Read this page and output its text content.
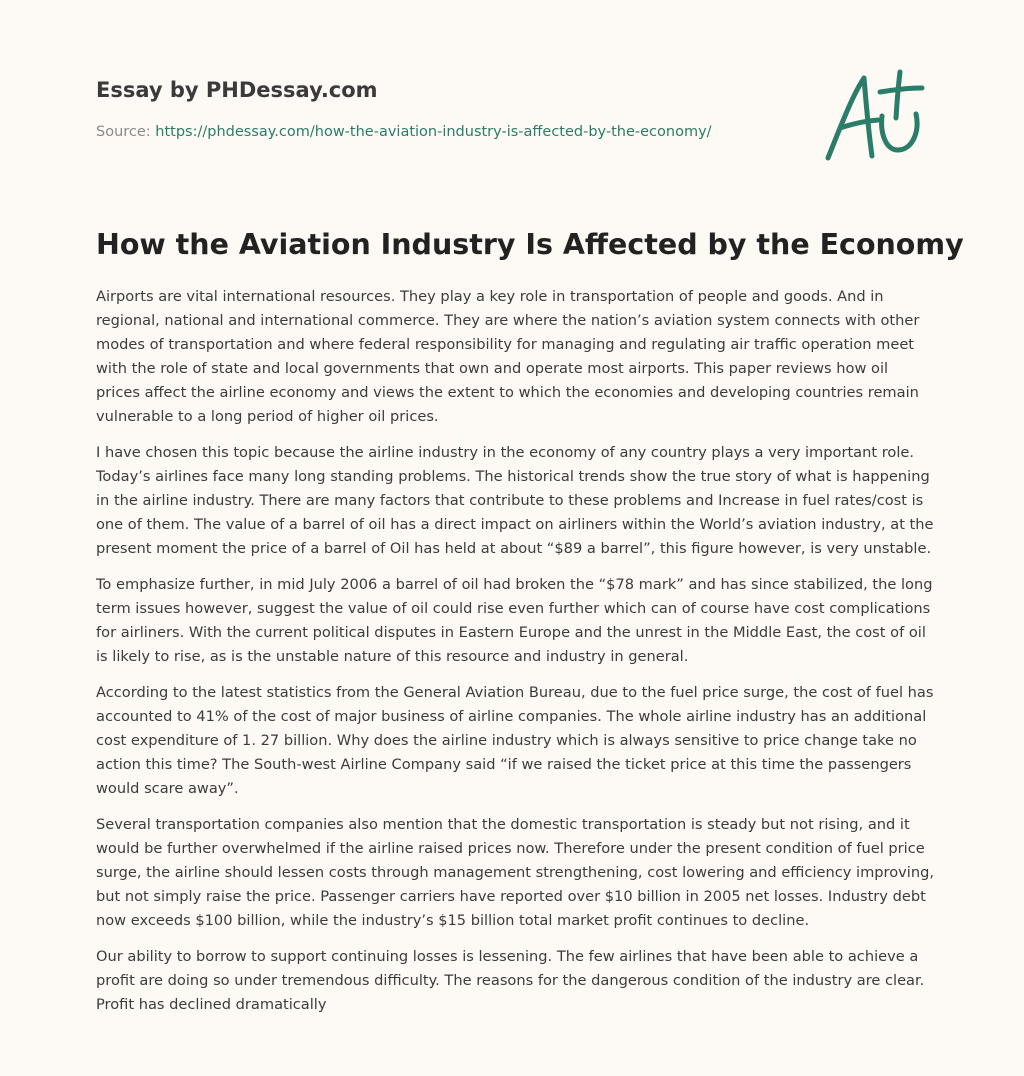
Essay by PHDessay.com
Source: https://phdessay.com/how-the-aviation-industry-is-affected-by-the-economy/
How the Aviation Industry Is Affected by the Economy

Airports are vital international resources. They play a key role in transportation of people and goods. And in regional, national and international commerce. They are where the nation’s aviation system connects with other modes of transportation and where federal responsibility for managing and regulating air traffic operation meet with the role of state and local governments that own and operate most airports. This paper reviews how oil prices affect the airline economy and views the extent to which the economies and developing countries remain vulnerable to a long period of higher oil prices.

I have chosen this topic because the airline industry in the economy of any country plays a very important role. Today’s airlines face many long standing problems. The historical trends show the true story of what is happening in the airline industry. There are many factors that contribute to these problems and Increase in fuel rates/cost is one of them. The value of a barrel of oil has a direct impact on airliners within the World’s aviation industry, at the present moment the price of a barrel of Oil has held at about “$89 a barrel”, this figure however, is very unstable.

To emphasize further, in mid July 2006 a barrel of oil had broken the “$78 mark” and has since stabilized, the long term issues however, suggest the value of oil could rise even further which can of course have cost complications for airliners. With the current political disputes in Eastern Europe and the unrest in the Middle East, the cost of oil is likely to rise, as is the unstable nature of this resource and industry in general.

According to the latest statistics from the General Aviation Bureau, due to the fuel price surge, the cost of fuel has accounted to 41% of the cost of major business of airline companies. The whole airline industry has an additional cost expenditure of 1. 27 billion. Why does the airline industry which is always sensitive to price change take no action this time? The South-west Airline Company said “if we raised the ticket price at this time the passengers would scare away”.

Several transportation companies also mention that the domestic transportation is steady but not rising, and it would be further overwhelmed if the airline raised prices now. Therefore under the present condition of fuel price surge, the airline should lessen costs through management strengthening, cost lowering and efficiency improving, but not simply raise the price. Passenger carriers have reported over $10 billion in 2005 net losses. Industry debt now exceeds $100 billion, while the industry’s $15 billion total market profit continues to decline.

Our ability to borrow to support continuing losses is lessening. The few airlines that have been able to achieve a profit are doing so under tremendous difficulty. The reasons for the dangerous condition of the industry are clear. Profit has declined dramatically
